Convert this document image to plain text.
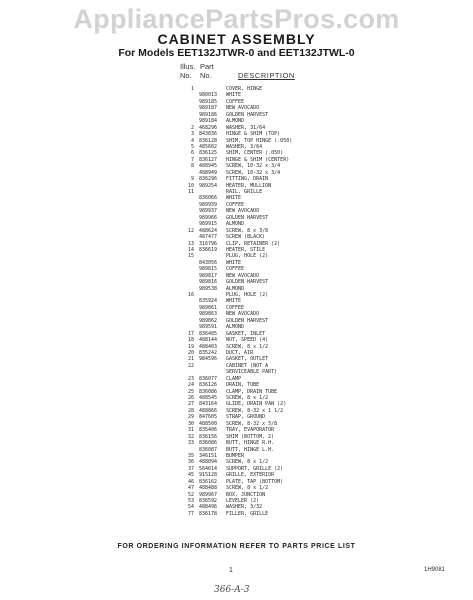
AppliancePartsPros.com
CABINET ASSEMBLY
For Models EET132JTWR-0 and EET132JTWL-0
Illus. Part
No. No.	DESCRIPTION
1	COVER, HINGE
980013 WHITE
989185 COFFEE
989187 NEW AVOCADO
989186 GOLDEN HARVEST
989184 ALMOND
2 468296 WASHER, 31/64
3 843036 HINGE & SHIM (TOP)
4 836128 SHIM, TOP HINGE (.050)
5 485602 WASHER, 3/64
6 836125 SHIM, CENTER (.050)
7 836127 HINGE & SHIM (CENTER)
8 488945 SCREW, 10-32 x 3/4
488949 SCREW, 10-32 x 3/4
9 836296 FITTING, DRAIN
10 989254 HEATER, MULLION
11	RAIL, GRILLE
836066 WHITE
989939 COFFEE
989937 NEW AVOCADO
989966 GOLDEN HARVEST
989915 ALMOND
12 488624 SCREW, 8 x 3/8
487477 SCREW (BLACK)
13 316796 CLIP, RETAINER (2)
14 836619 HEATER, STILE
15	PLUG, HOLE (2)
843056 WHITE
989815 COFFEE
989817 NEW AVOCADO
989816 GOLDEN HARVEST
989538 ALMOND
16	PLUG, HOLE (2)
835924 WHITE
989861 COFFEE
989863 NEW AVOCADO
989862 GOLDEN HARVEST
989591 ALMOND
17 836485 GASKET, INLET
18 488144 NUT, SPEED (4)
19 488403 SCREW, 8 x 1/2
20 835242 DUCT, AIR
21 984596 GASKET, OUTLET
22	CABINET (NOT A
SERVICEABLE PART)
23 836077 CLAMP
24 836126 DRAIN, TUBE
25 836086 CLAMP, DRAIN TUBE
26 488545 SCREW, 8 x 1/2
27 843164 GLIDE, DRAIN PAN (2)
28 488866 SCREW, 8-32 x 1 1/2
29 847605 STRAP, GROUND
30 488500 SCREW, 8-32 x 5/8
31 835406 TRAY, EVAPORATOR
32 836156 SHIM (BOTTOM, 2)
33 836086 BUTT, HINGE R.H.
836087 BUTT, HINGE L.H.
35 346151 BUMPER
36 488094 SCREW, 8 x 1/2
37 564614 SUPPORT, GRILLE (2)
45 915128 GRILLE, EXTERIOR
46 836162 PLATE, TAP (BOTTOM)
47 488488 SCREW, 8 x 1/2
52 989967 BOX, JUNCTION
53 836592 LEVELER (2)
54 488496 WASHER, 3/32
77 836178 FILLER, GRILLE
FOR ORDERING INFORMATION REFER TO PARTS PRICE LIST
1	1H9081
366-A-3
